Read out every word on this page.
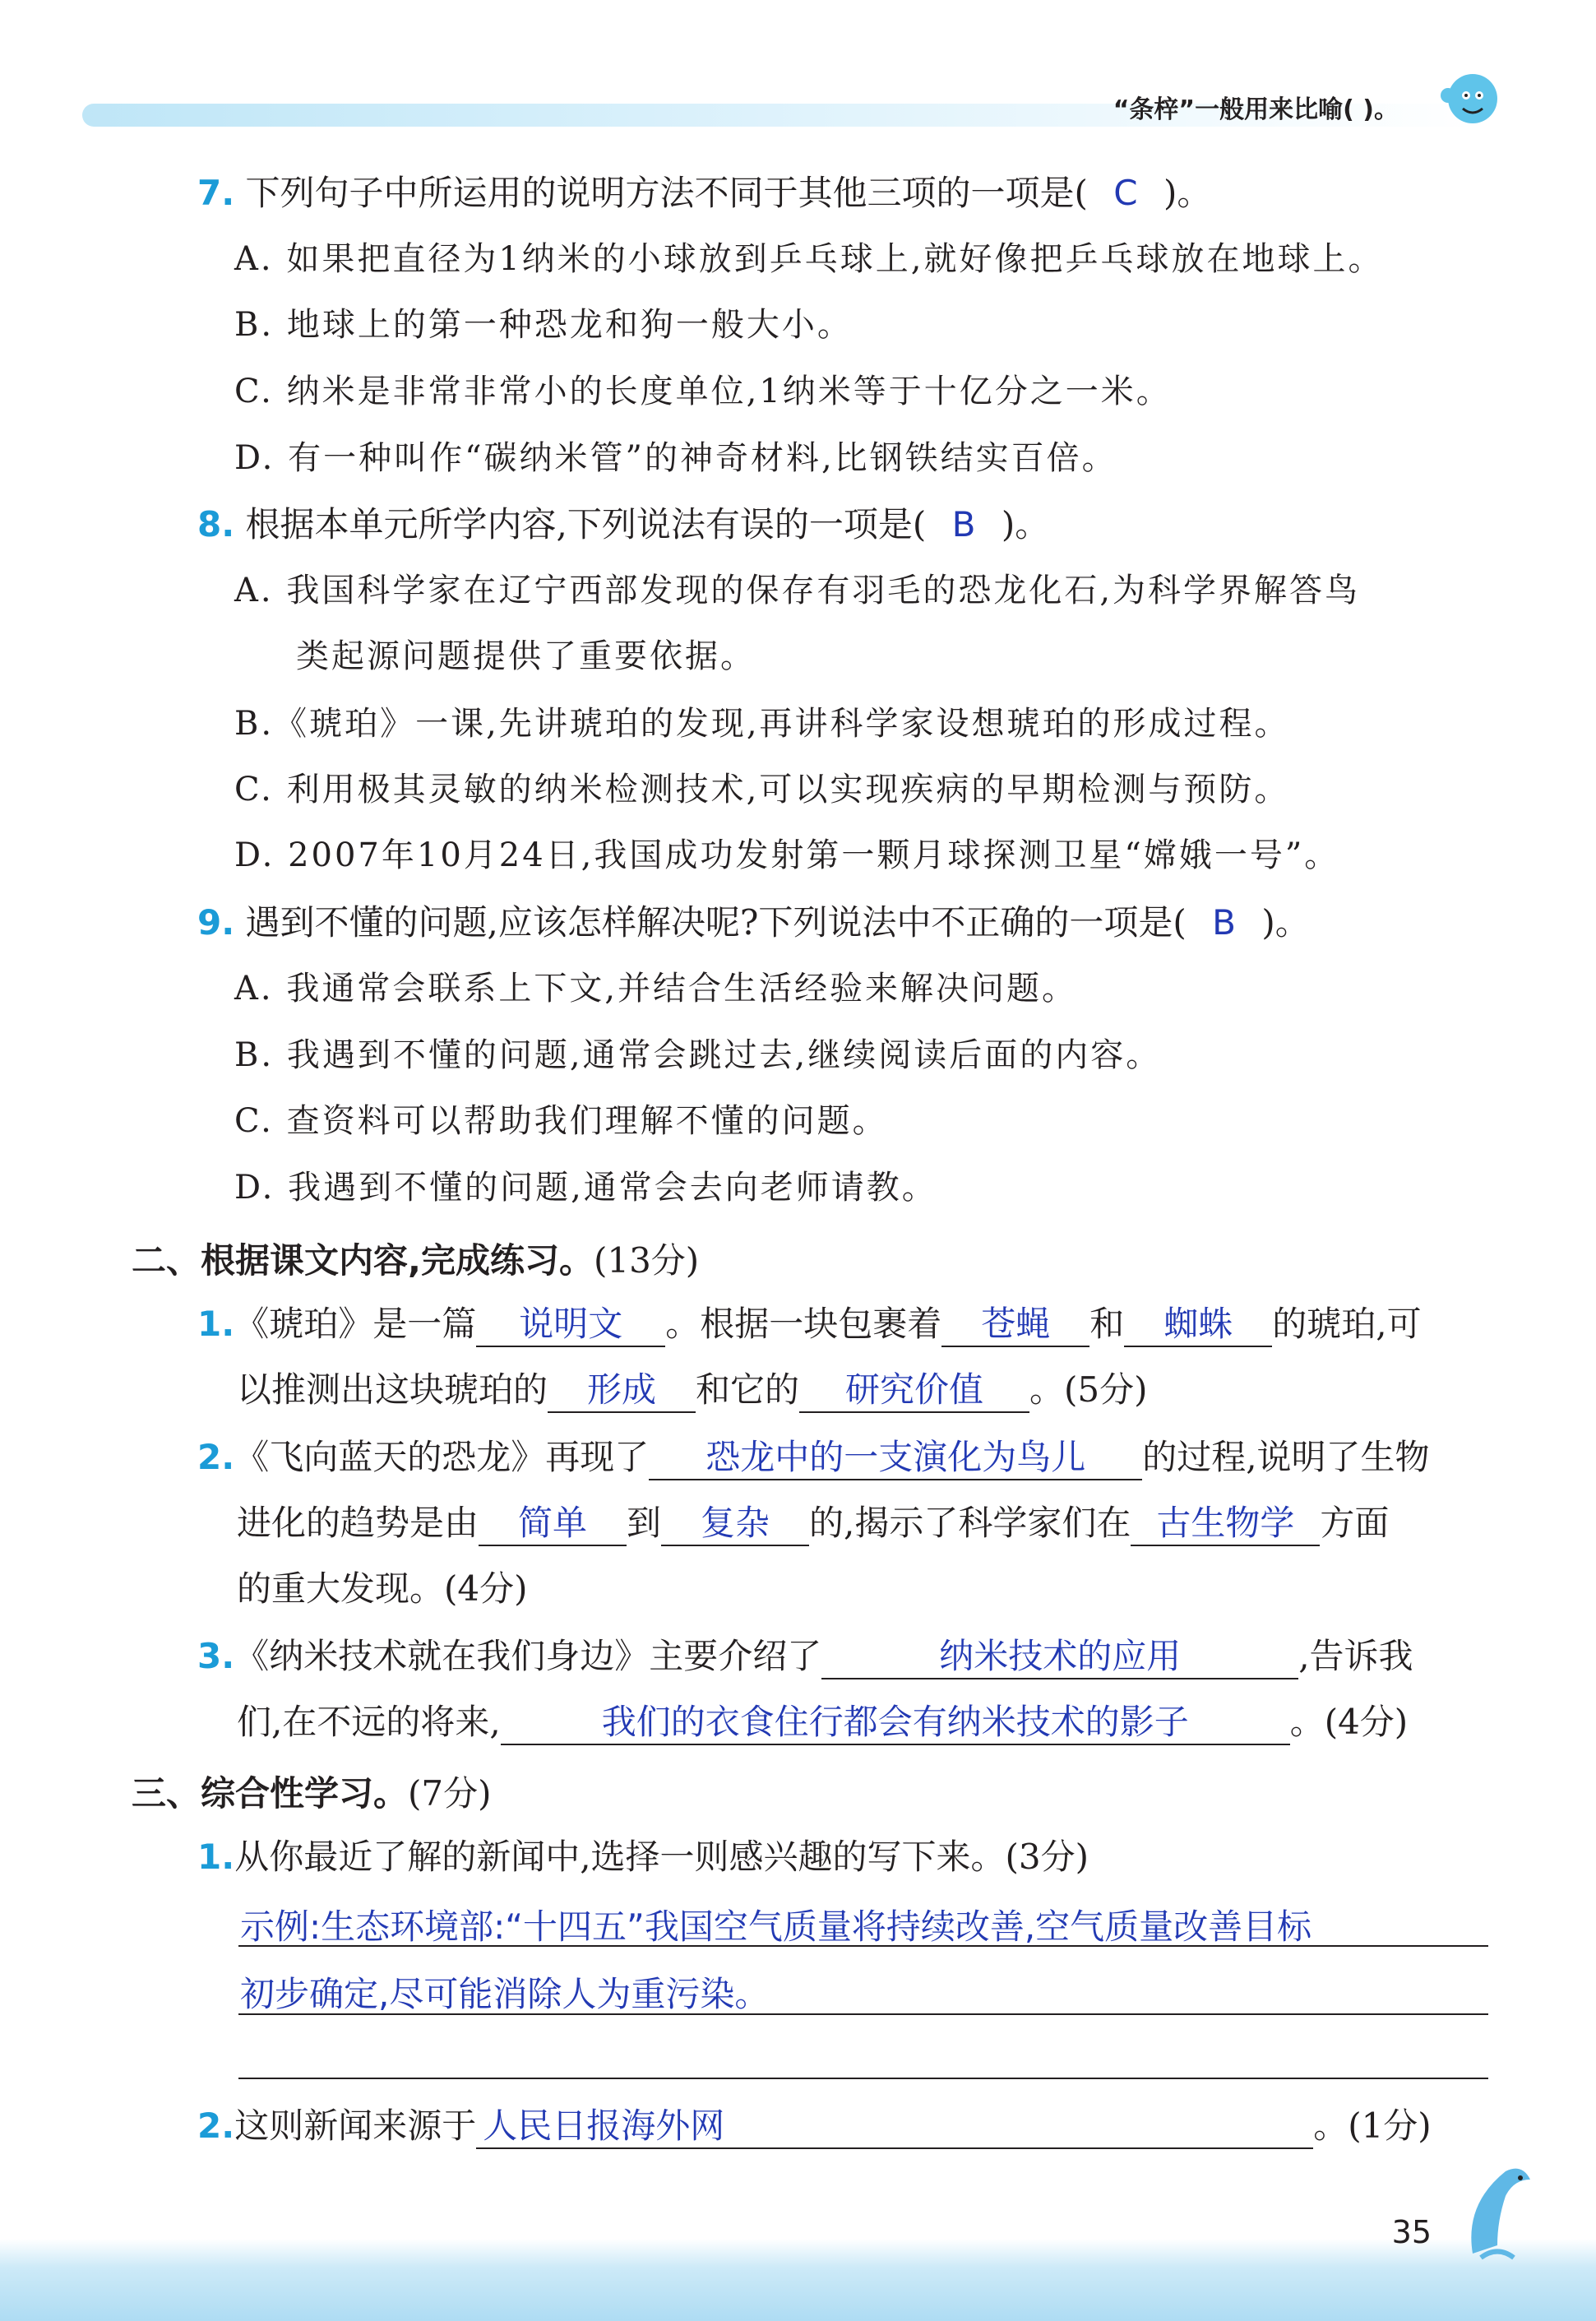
“条梓”一般用来比喻( )。
7. 下列句子中所运用的说明方法不同于其他三项的一项是( C )。
A. 如果把直径为1纳米的小球放到乒乓球上,就好像把乒乓球放在地球上。
B. 地球上的第一种恐龙和狗一般大小。
C. 纳米是非常非常小的长度单位,1纳米等于十亿分之一米。
D. 有一种叫作“碳纳米管”的神奇材料,比钢铁结实百倍。
8. 根据本单元所学内容,下列说法有误的一项是( B )。
A. 我国科学家在辽宁西部发现的保存有羽毛的恐龙化石,为科学界解答鸟
类起源问题提供了重要依据。
B.《琥珀》一课,先讲琥珀的发现,再讲科学家设想琥珀的形成过程。
C. 利用极其灵敏的纳米检测技术,可以实现疾病的早期检测与预防。
D. 2007年10月24日,我国成功发射第一颗月球探测卫星“嫦娥一号”。
9. 遇到不懂的问题,应该怎样解决呢?下列说法中不正确的一项是( B )。
A. 我通常会联系上下文,并结合生活经验来解决问题。
B. 我遇到不懂的问题,通常会跳过去,继续阅读后面的内容。
C. 查资料可以帮助我们理解不懂的问题。
D. 我遇到不懂的问题,通常会去向老师请教。
二、根据课文内容,完成练习。(13分)
1.《琥珀》是一篇 说明文 。根据一块包裹着 苍蝇 和 蜘蛛 的琥珀,可
以推测出这块琥珀的 形成 和它的 研究价值 。(5分)
2.《飞向蓝天的恐龙》再现了 恐龙中的一支演化为鸟儿 的过程,说明了生物
进化的趋势是由 简单 到 复杂 的,揭示了科学家们在 古生物学 方面
的重大发现。(4分)
3.《纳米技术就在我们身边》主要介绍了	纳米技术的应用	,告诉我
们,在不远的将来,	我们的衣食住行都会有纳米技术的影子	。(4分)
三、综合性学习。(7分)
1.从你最近了解的新闻中,选择一则感兴趣的写下来。(3分)
示例:生态环境部:“十四五”我国空气质量将持续改善,空气质量改善目标
初步确定,尽可能消除人为重污染。
2.这则新闻来源于 人民日报海外网	。(1分)
35
